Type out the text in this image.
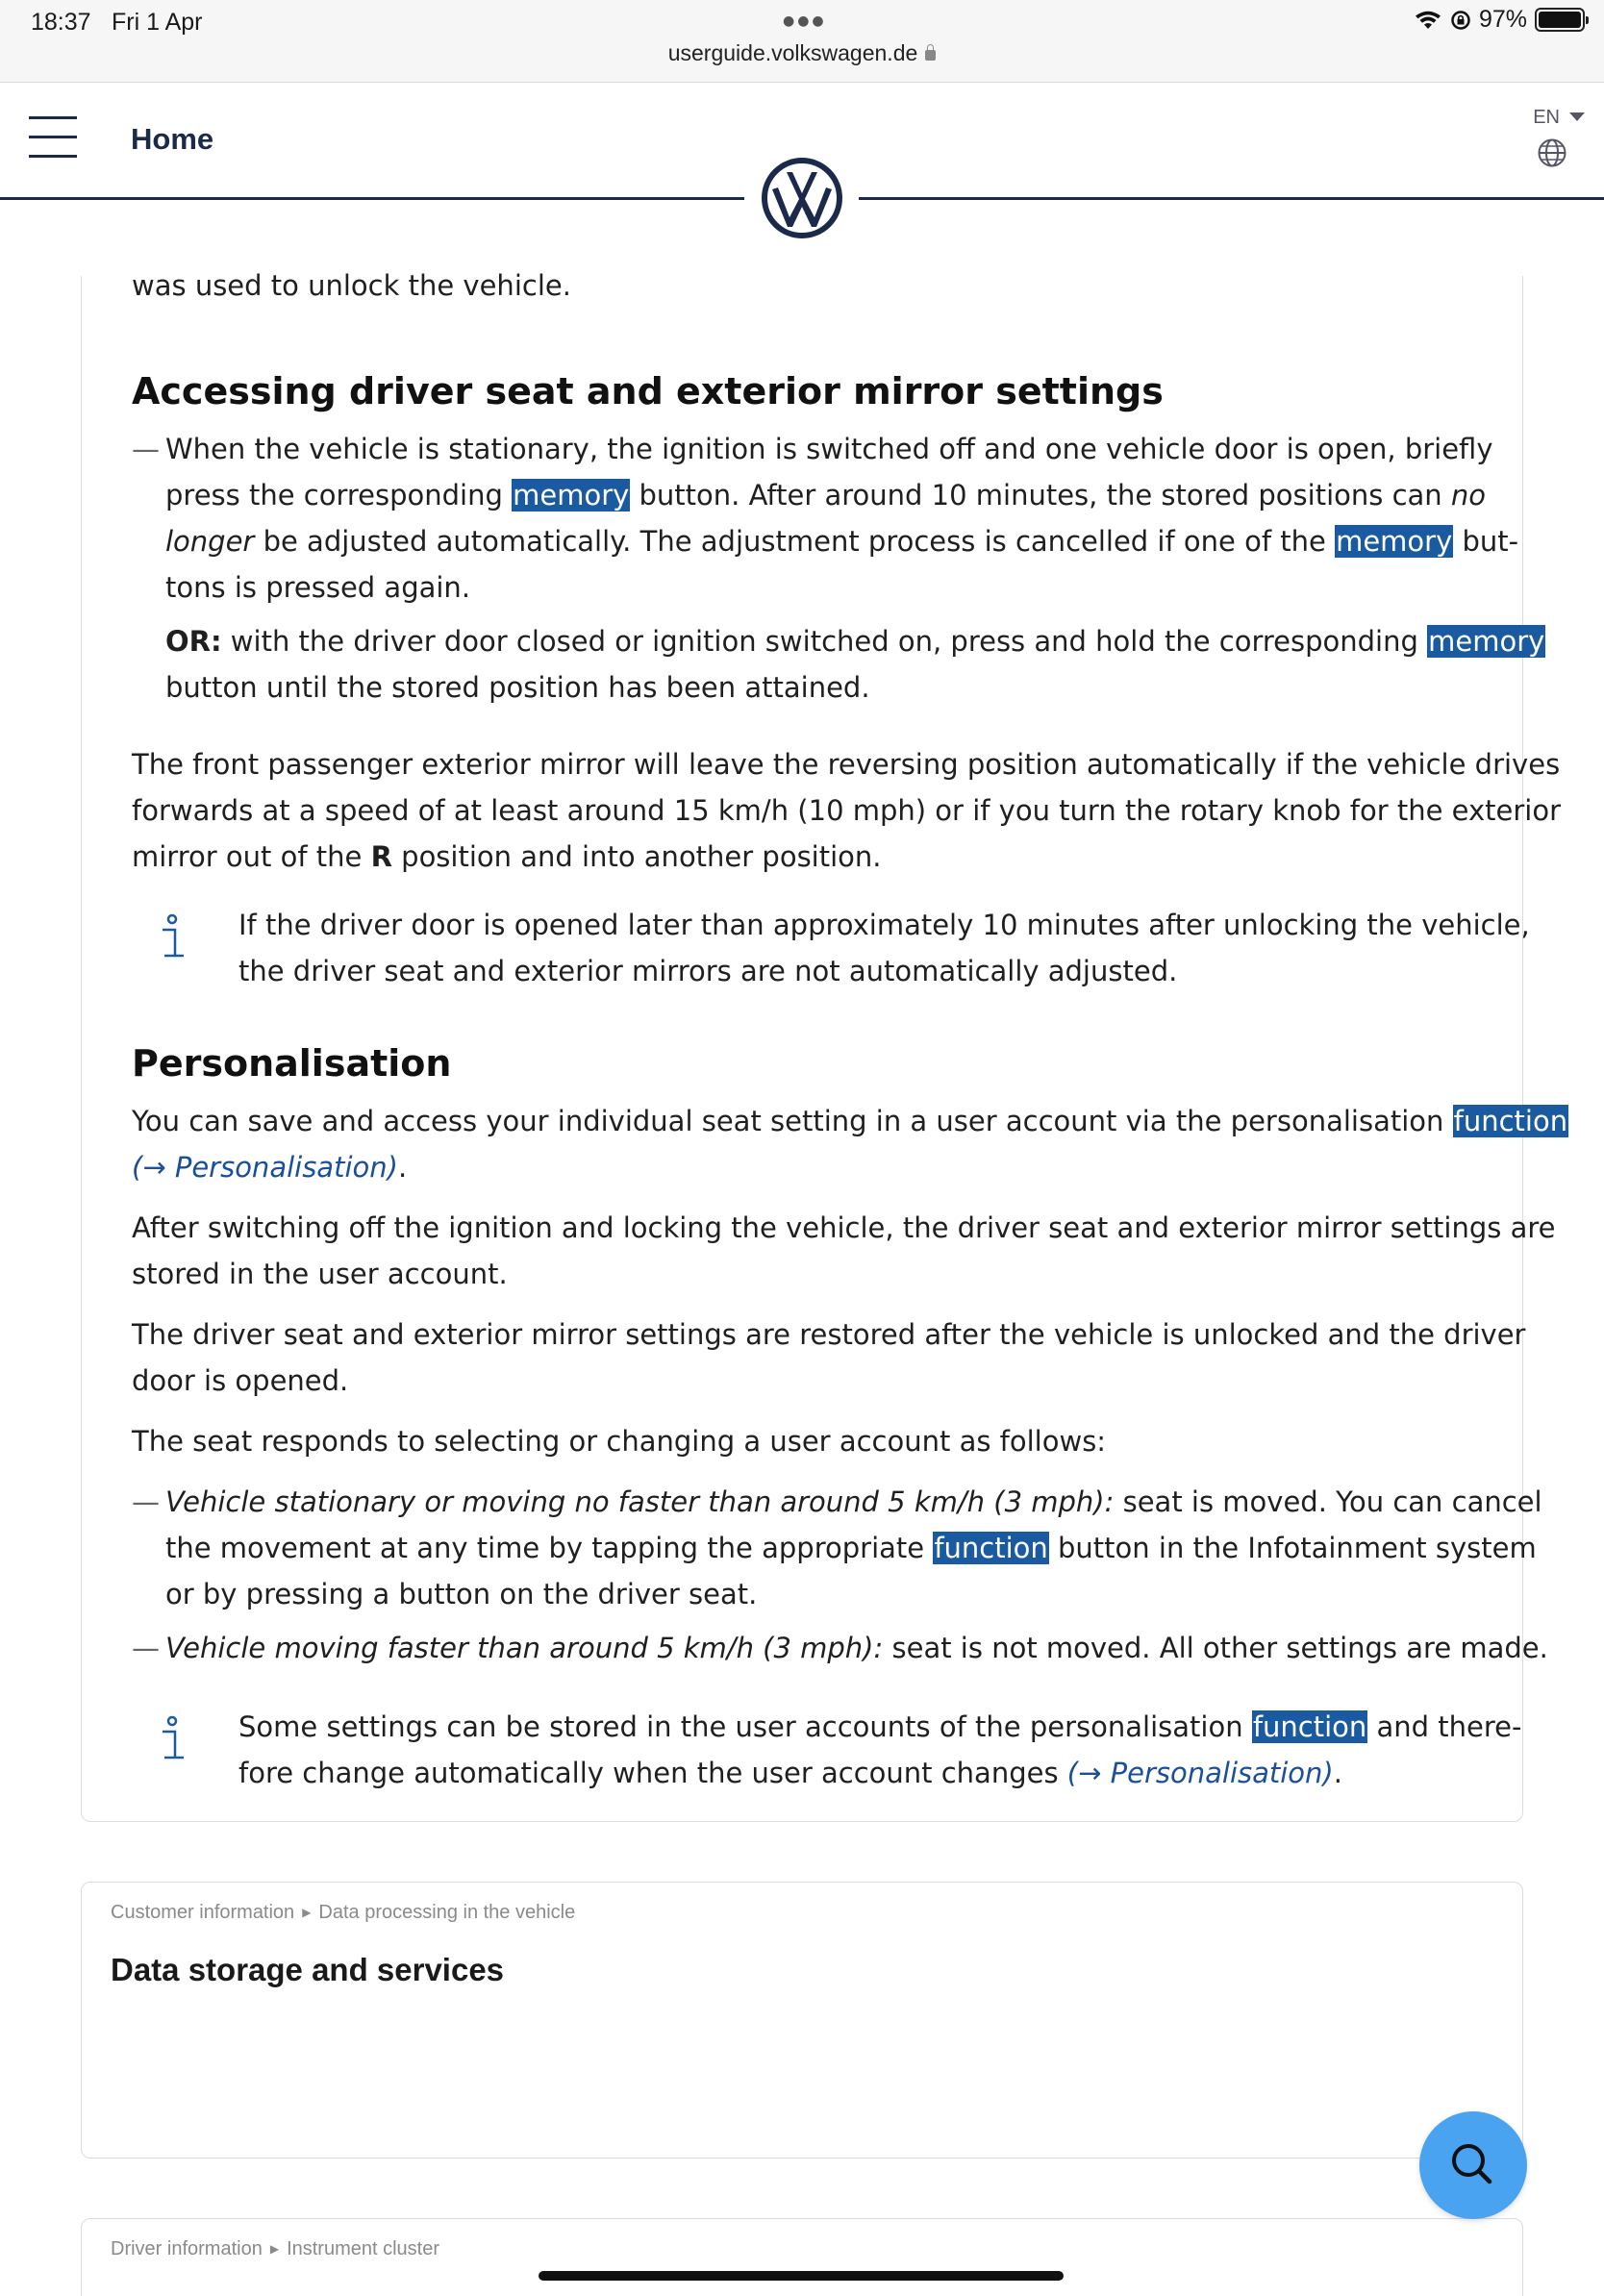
18:37 Fri 1 Apr	●●●	97%
userguide.volkswagen.de
Home
EN
was used to unlock the vehicle.
Accessing driver seat and exterior mirror settings
— When the vehicle is stationary, the ignition is switched off and one vehicle door is open, briefly
press the corresponding memory button. After around 10 minutes, the stored positions can no
longer be adjusted automatically. The adjustment process is cancelled if one of the memory but-
tons is pressed again.
OR: with the driver door closed or ignition switched on, press and hold the corresponding memory
button until the stored position has been attained.
The front passenger exterior mirror will leave the reversing position automatically if the vehicle drives
forwards at a speed of at least around 15 km/h (10 mph) or if you turn the rotary knob for the exterior
mirror out of the R position and into another position.
If the driver door is opened later than approximately 10 minutes after unlocking the vehicle,
the driver seat and exterior mirrors are not automatically adjusted.
Personalisation
You can save and access your individual seat setting in a user account via the personalisation function
(→ Personalisation).
After switching off the ignition and locking the vehicle, the driver seat and exterior mirror settings are
stored in the user account.
The driver seat and exterior mirror settings are restored after the vehicle is unlocked and the driver
door is opened.
The seat responds to selecting or changing a user account as follows:
— Vehicle stationary or moving no faster than around 5 km/h (3 mph): seat is moved. You can cancel
the movement at any time by tapping the appropriate function button in the Infotainment system
or by pressing a button on the driver seat.
— Vehicle moving faster than around 5 km/h (3 mph): seat is not moved. All other settings are made.
Some settings can be stored in the user accounts of the personalisation function and there-
fore change automatically when the user account changes (→ Personalisation).
Customer information ▶ Data processing in the vehicle
Data storage and services
Driver information ▶ Instrument cluster
